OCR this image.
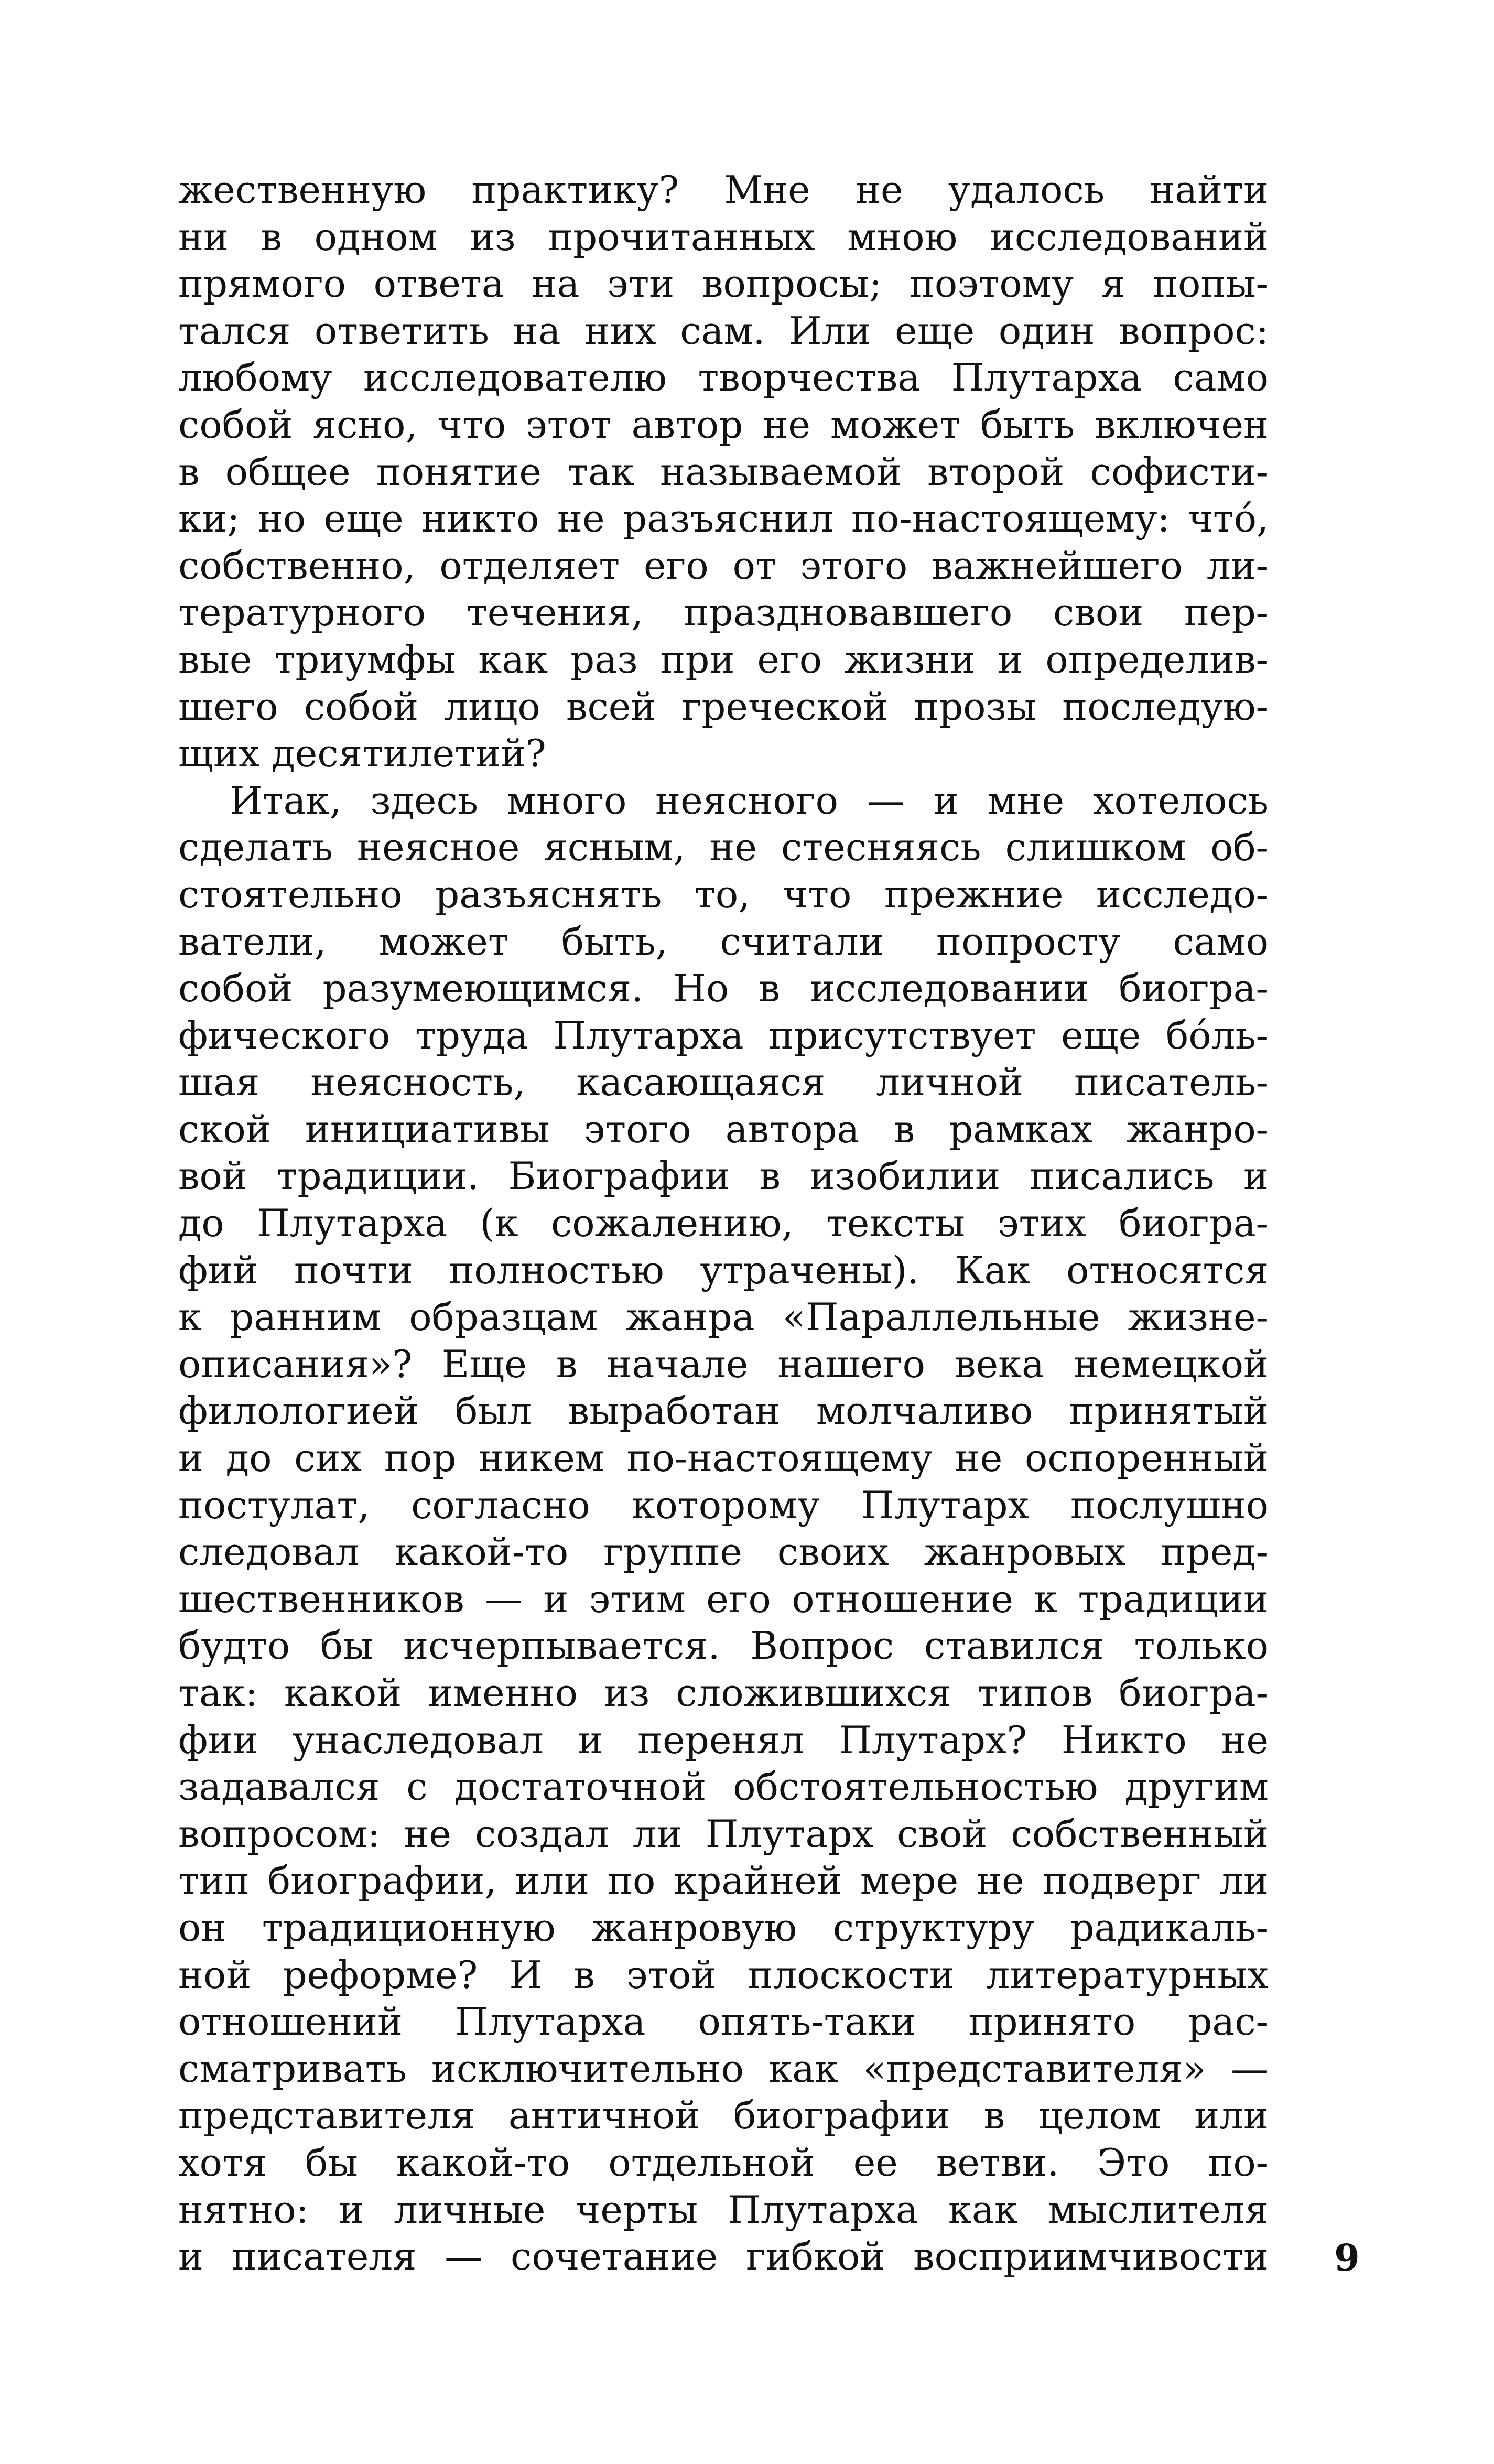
жественную практику? Мне не удалось найти
ни в одном из прочитанных мною исследований
прямого ответа на эти вопросы; поэтому я попы-
тался ответить на них сам. Или еще один вопрос:
любому исследователю творчества Плутарха само
собой ясно, что этот автор не может быть включен
в общее понятие так называемой второй софисти-
ки; но еще никто не разъяснил по-настоящему: чтó,
собственно, отделяет его от этого важнейшего ли-
тературного течения, праздновавшего свои пер-
вые триумфы как раз при его жизни и определив-
шего собой лицо всей греческой прозы последую-
щих десятилетий?
Итак, здесь много неясного — и мне хотелось
сделать неясное ясным, не стесняясь слишком об-
стоятельно разъяснять то, что прежние исследо-
ватели, может быть, считали попросту само
собой разумеющимся. Но в исследовании биогра-
фического труда Плутарха присутствует еще бóль-
шая неясность, касающаяся личной писатель-
ской инициативы этого автора в рамках жанро-
вой традиции. Биографии в изобилии писались и
до Плутарха (к сожалению, тексты этих биогра-
фий почти полностью утрачены). Как относятся
к ранним образцам жанра «Параллельные жизне-
описания»? Еще в начале нашего века немецкой
филологией был выработан молчаливо принятый
и до сих пор никем по-настоящему не оспоренный
постулат, согласно которому Плутарх послушно
следовал какой-то группе своих жанровых пред-
шественников — и этим его отношение к традиции
будто бы исчерпывается. Вопрос ставился только
так: какой именно из сложившихся типов биогра-
фии унаследовал и перенял Плутарх? Никто не
задавался с достаточной обстоятельностью другим
вопросом: не создал ли Плутарх свой собственный
тип биографии, или по крайней мере не подверг ли
он традиционную жанровую структуру радикаль-
ной реформе? И в этой плоскости литературных
отношений Плутарха опять-таки принято рас-
сматривать исключительно как «представителя» —
представителя античной биографии в целом или
хотя бы какой-то отдельной ее ветви. Это по-
нятно: и личные черты Плутарха как мыслителя
и писателя — сочетание гибкой восприимчивости 9
